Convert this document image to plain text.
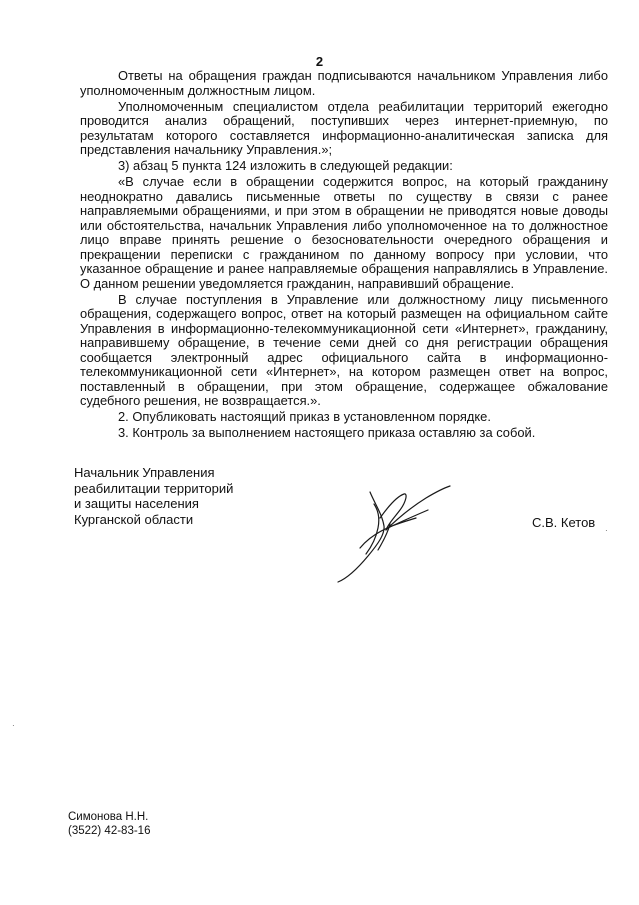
2

Ответы на обращения граждан подписываются начальником Управления либо уполномоченным должностным лицом.

Уполномоченным специалистом отдела реабилитации территорий ежегодно проводится анализ обращений, поступивших через интернет-приемную, по результатам которого составляется информационно-аналитическая записка для представления начальнику Управления.»;

3) абзац 5 пункта 124 изложить в следующей редакции:

«В случае если в обращении содержится вопрос, на который гражданину неоднократно давались письменные ответы по существу в связи с ранее направляемыми обращениями, и при этом в обращении не приводятся новые доводы или обстоятельства, начальник Управления либо уполномоченное на то должностное лицо вправе принять решение о безосновательности очередного обращения и прекращении переписки с гражданином по данному вопросу при условии, что указанное обращение и ранее направляемые обращения направлялись в Управление. О данном решении уведомляется гражданин, направивший обращение.

В случае поступления в Управление или должностному лицу письменного обращения, содержащего вопрос, ответ на который размещен на официальном сайте Управления в информационно-телекоммуникационной сети «Интернет», гражданину, направившему обращение, в течение семи дней со дня регистрации обращения сообщается электронный адрес официального сайта в информационно-телекоммуникационной сети «Интернет», на котором размещен ответ на вопрос, поставленный в обращении, при этом обращение, содержащее обжалование судебного решения, не возвращается.».

2. Опубликовать настоящий приказ в установленном порядке.

3. Контроль за выполнением настоящего приказа оставляю за собой.

Начальник Управления
реабилитации территорий
и защиты населения
Курганской области	С.В. Кетов
·
·
Симонова Н.Н.
(3522) 42-83-16
